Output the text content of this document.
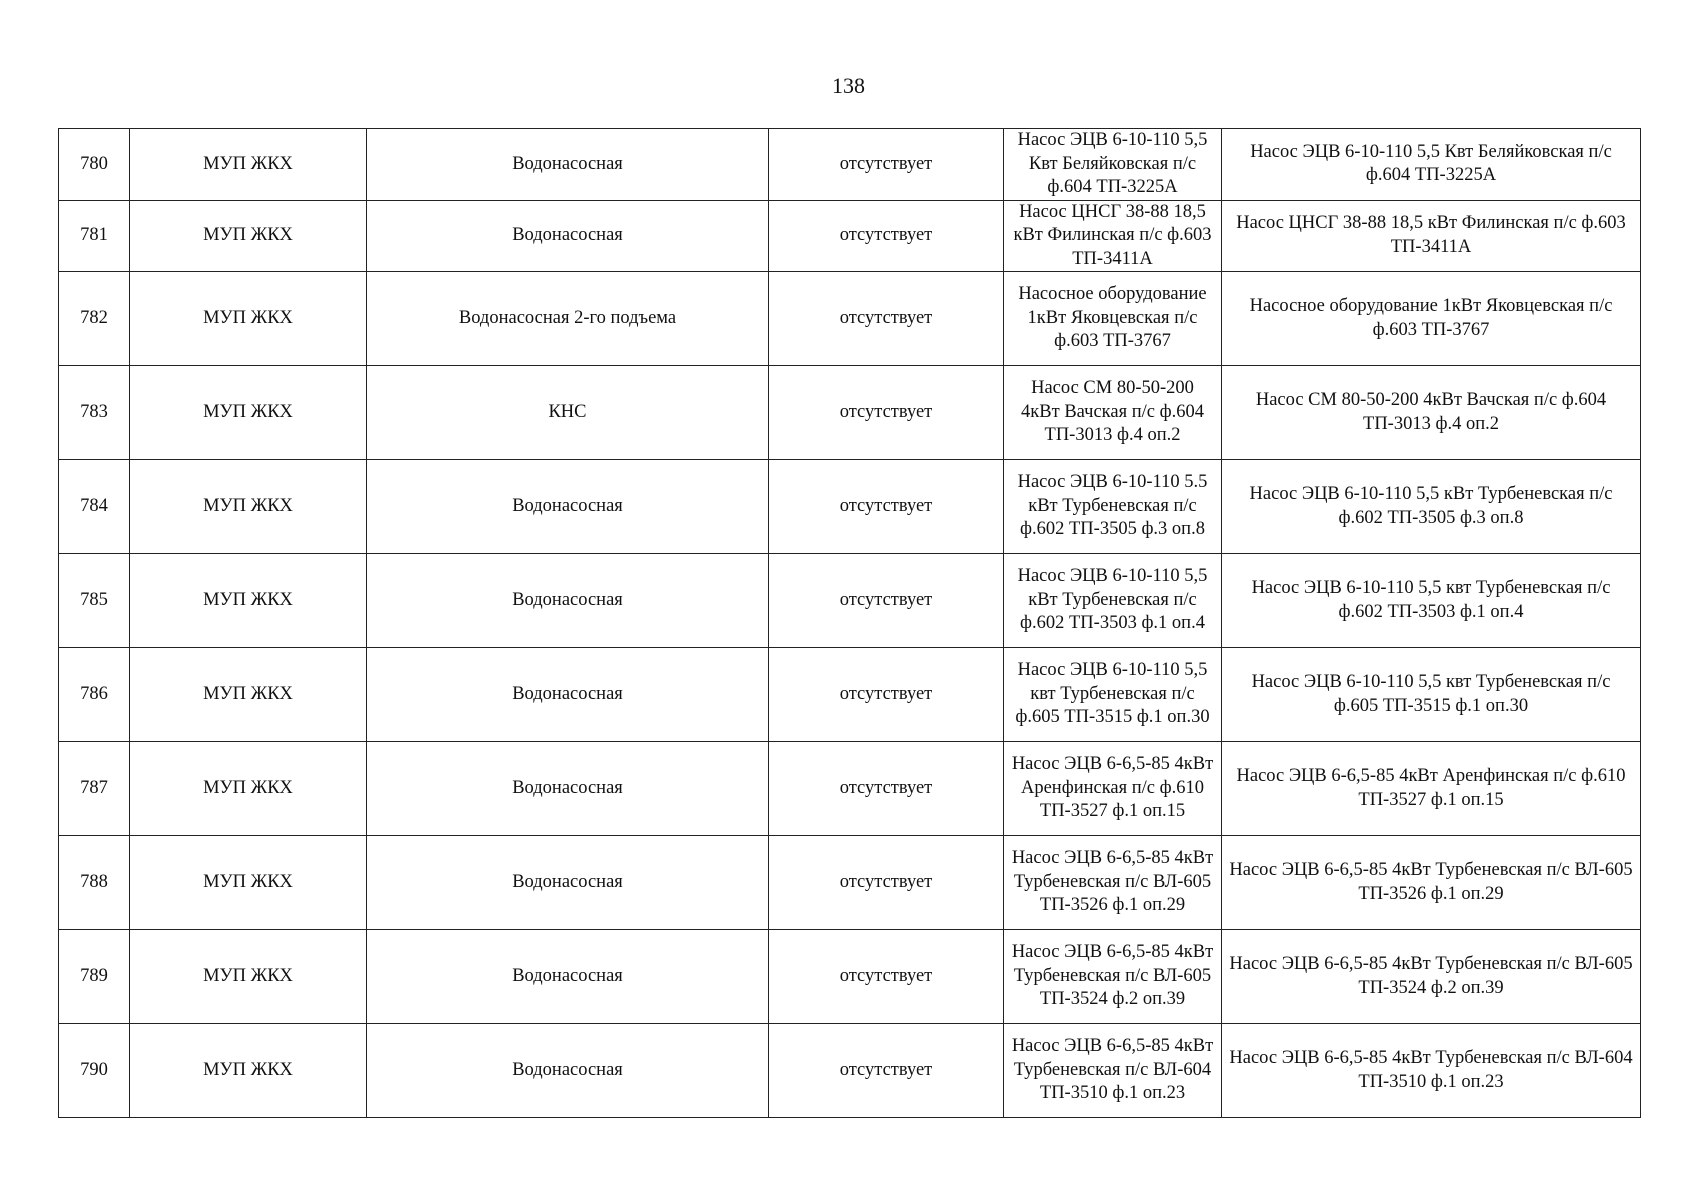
138
780	МУП ЖКХ	Водонасосная	отсутствует	Насос ЭЦВ 6-10-110 5,5 Квт Беляйковская п/с ф.604 ТП-3225А	Насос ЭЦВ 6-10-110 5,5 Квт Беляйковская п/с ф.604 ТП-3225А
781	МУП ЖКХ	Водонасосная	отсутствует	Насос ЦНСГ 38-88 18,5 кВт Филинская п/с ф.603 ТП-3411А	Насос ЦНСГ 38-88 18,5 кВт Филинская п/с ф.603 ТП-3411А
782	МУП ЖКХ	Водонасосная 2-го подъема	отсутствует	Насосное оборудование 1кВт Яковцевская п/с ф.603 ТП-3767	Насосное оборудование 1кВт Яковцевская п/с ф.603 ТП-3767
783	МУП ЖКХ	КНС	отсутствует	Насос СМ 80-50-200 4кВт Вачская п/с ф.604 ТП-3013 ф.4 оп.2	Насос СМ 80-50-200 4кВт Вачская п/с ф.604 ТП-3013 ф.4 оп.2
784	МУП ЖКХ	Водонасосная	отсутствует	Насос ЭЦВ 6-10-110 5.5 кВт Турбеневская п/с ф.602 ТП-3505 ф.3 оп.8	Насос ЭЦВ 6-10-110 5,5 кВт Турбеневская п/с ф.602 ТП-3505 ф.3 оп.8
785	МУП ЖКХ	Водонасосная	отсутствует	Насос ЭЦВ 6-10-110 5,5 кВт Турбеневская п/с ф.602 ТП-3503 ф.1 оп.4	Насос ЭЦВ 6-10-110 5,5 квт Турбеневская п/с ф.602 ТП-3503 ф.1 оп.4
786	МУП ЖКХ	Водонасосная	отсутствует	Насос ЭЦВ 6-10-110 5,5 квт Турбеневская п/с ф.605 ТП-3515 ф.1 оп.30	Насос ЭЦВ 6-10-110 5,5 квт Турбеневская п/с ф.605 ТП-3515 ф.1 оп.30
787	МУП ЖКХ	Водонасосная	отсутствует	Насос ЭЦВ 6-6,5-85 4кВт Аренфинская п/с ф.610 ТП-3527 ф.1 оп.15	Насос ЭЦВ 6-6,5-85 4кВт Аренфинская п/с ф.610 ТП-3527 ф.1 оп.15
788	МУП ЖКХ	Водонасосная	отсутствует	Насос ЭЦВ 6-6,5-85 4кВт Турбеневская п/с ВЛ-605 ТП-3526 ф.1 оп.29	Насос ЭЦВ 6-6,5-85 4кВт Турбеневская п/с ВЛ-605 ТП-3526 ф.1 оп.29
789	МУП ЖКХ	Водонасосная	отсутствует	Насос ЭЦВ 6-6,5-85 4кВт Турбеневская п/с ВЛ-605 ТП-3524 ф.2 оп.39	Насос ЭЦВ 6-6,5-85 4кВт Турбеневская п/с ВЛ-605 ТП-3524 ф.2 оп.39
790	МУП ЖКХ	Водонасосная	отсутствует	Насос ЭЦВ 6-6,5-85 4кВт Турбеневская п/с ВЛ-604 ТП-3510 ф.1 оп.23	Насос ЭЦВ 6-6,5-85 4кВт Турбеневская п/с ВЛ-604 ТП-3510 ф.1 оп.23
